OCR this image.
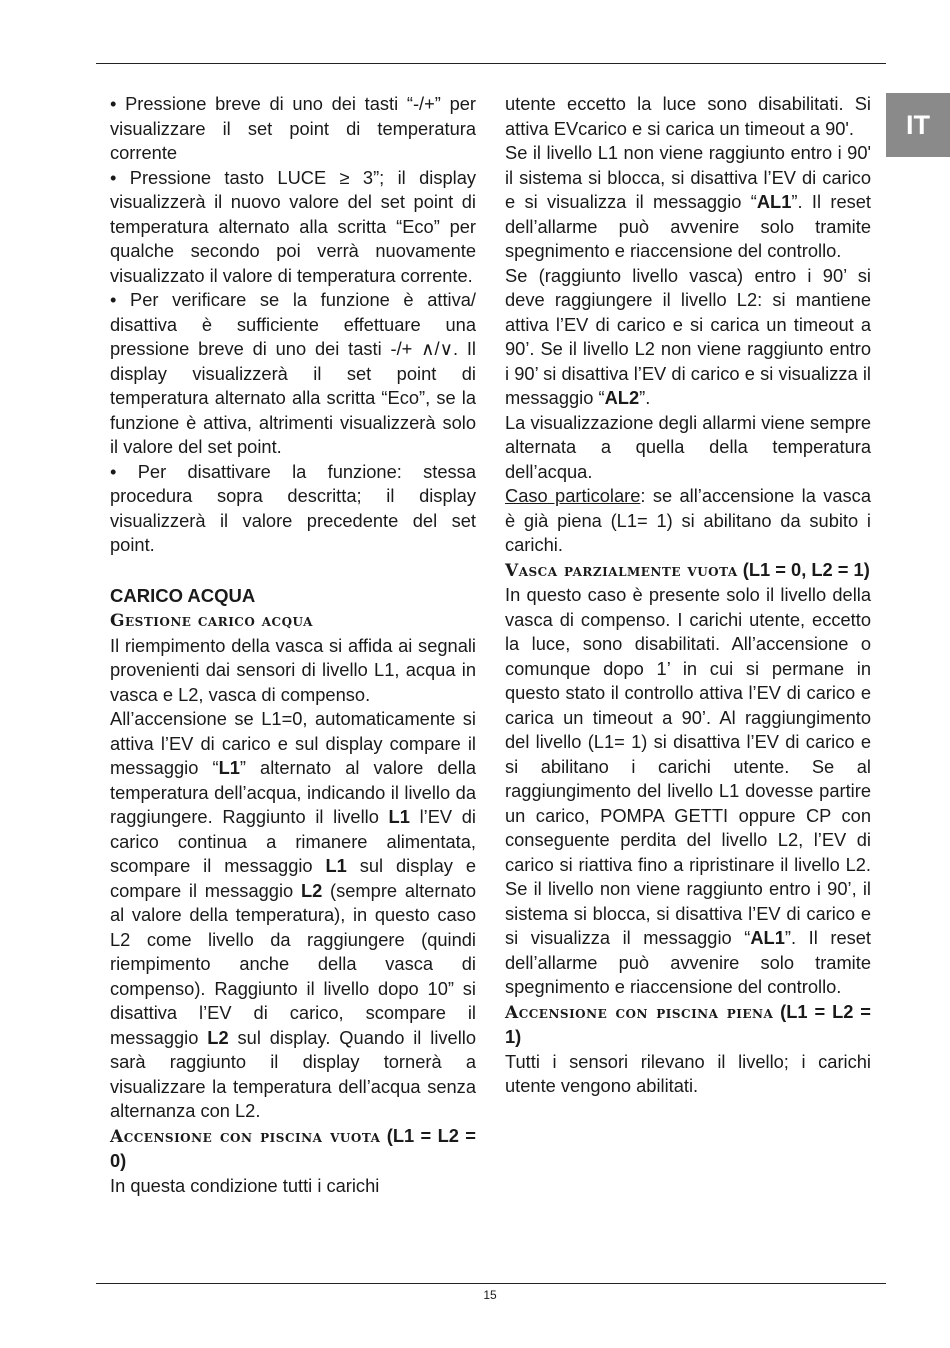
IT

• Pressione breve di uno dei tasti “-/+” per visualizzare il set point di temperatura corrente

• Pressione tasto LUCE ≥ 3”; il display visualizzerà il nuovo valore del set point di temperatura alternato alla scritta “Eco” per qualche secondo poi verrà nuovamente visualizzato il valore di temperatura corrente.

• Per verificare se la funzione è attiva/ disattiva è sufficiente effettuare una pressione breve di uno dei tasti -/+ ∧/∨. Il display visualizzerà il set point di temperatura alternato alla scritta “Eco”, se la funzione è attiva, altrimenti visualizzerà solo il valore del set point.

• Per disattivare la funzione: stessa procedura sopra descritta; il display visualizzerà il valore precedente del set point.

CARICO ACQUA

Gestione carico acqua

Il riempimento della vasca si affida ai segnali provenienti dai sensori di livello L1, acqua in vasca e L2, vasca di compenso.

All’accensione se L1=0, automaticamente si attiva l’EV di carico e sul display compare il messaggio “L1” alternato al valore della temperatura dell’acqua, indicando il livello da raggiungere. Raggiunto il livello L1 l’EV di carico continua a rimanere alimentata, scompare il messaggio L1 sul display e compare il messaggio L2 (sempre alternato al valore della temperatura), in questo caso L2 come livello da raggiungere (quindi riempimento anche della vasca di compenso). Raggiunto il livello dopo 10” si disattiva l’EV di carico, scompare il messaggio L2 sul display. Quando il livello sarà raggiunto il display tornerà a visualizzare la temperatura dell’acqua senza alternanza con L2.

Accensione con piscina vuota (L1 = L2 = 0)

In questa condizione tutti i carichi

utente eccetto la luce sono disabilitati. Si attiva EVcarico e si carica un timeout a 90'.

Se il livello L1 non viene raggiunto entro i 90' il sistema si blocca, si disattiva l’EV di carico e si visualizza il messaggio “AL1”. Il reset dell’allarme può avvenire solo tramite spegnimento e riaccensione del controllo.

Se (raggiunto livello vasca) entro i 90’ si deve raggiungere il livello L2: si mantiene attiva l’EV di carico e si carica un timeout a 90’. Se il livello L2 non viene raggiunto entro i 90’ si disattiva l’EV di carico e si visualizza il messaggio “AL2”.

La visualizzazione degli allarmi viene sempre alternata a quella della temperatura dell’acqua.

Caso particolare: se all’accensione la vasca è già piena (L1= 1) si abilitano da subito i carichi.

Vasca parzialmente vuota (L1 = 0, L2 = 1)

In questo caso è presente solo il livello della vasca di compenso. I carichi utente, eccetto la luce, sono disabilitati. All’accensione o comunque dopo 1’ in cui si permane in questo stato il controllo attiva l’EV di carico e carica un timeout a 90’. Al raggiungimento del livello (L1= 1) si disattiva l’EV di carico e si abilitano i carichi utente. Se al raggiungimento del livello L1 dovesse partire un carico, POMPA GETTI oppure CP con conseguente perdita del livello L2, l’EV di carico si riattiva fino a ripristinare il livello L2. Se il livello non viene raggiunto entro i 90’, il sistema si blocca, si disattiva l’EV di carico e si visualizza il messaggio “AL1”. Il reset dell’allarme può avvenire solo tramite spegnimento e riaccensione del controllo.

Accensione con piscina piena (L1 = L2 = 1)

Tutti i sensori rilevano il livello; i carichi utente vengono abilitati.

15
